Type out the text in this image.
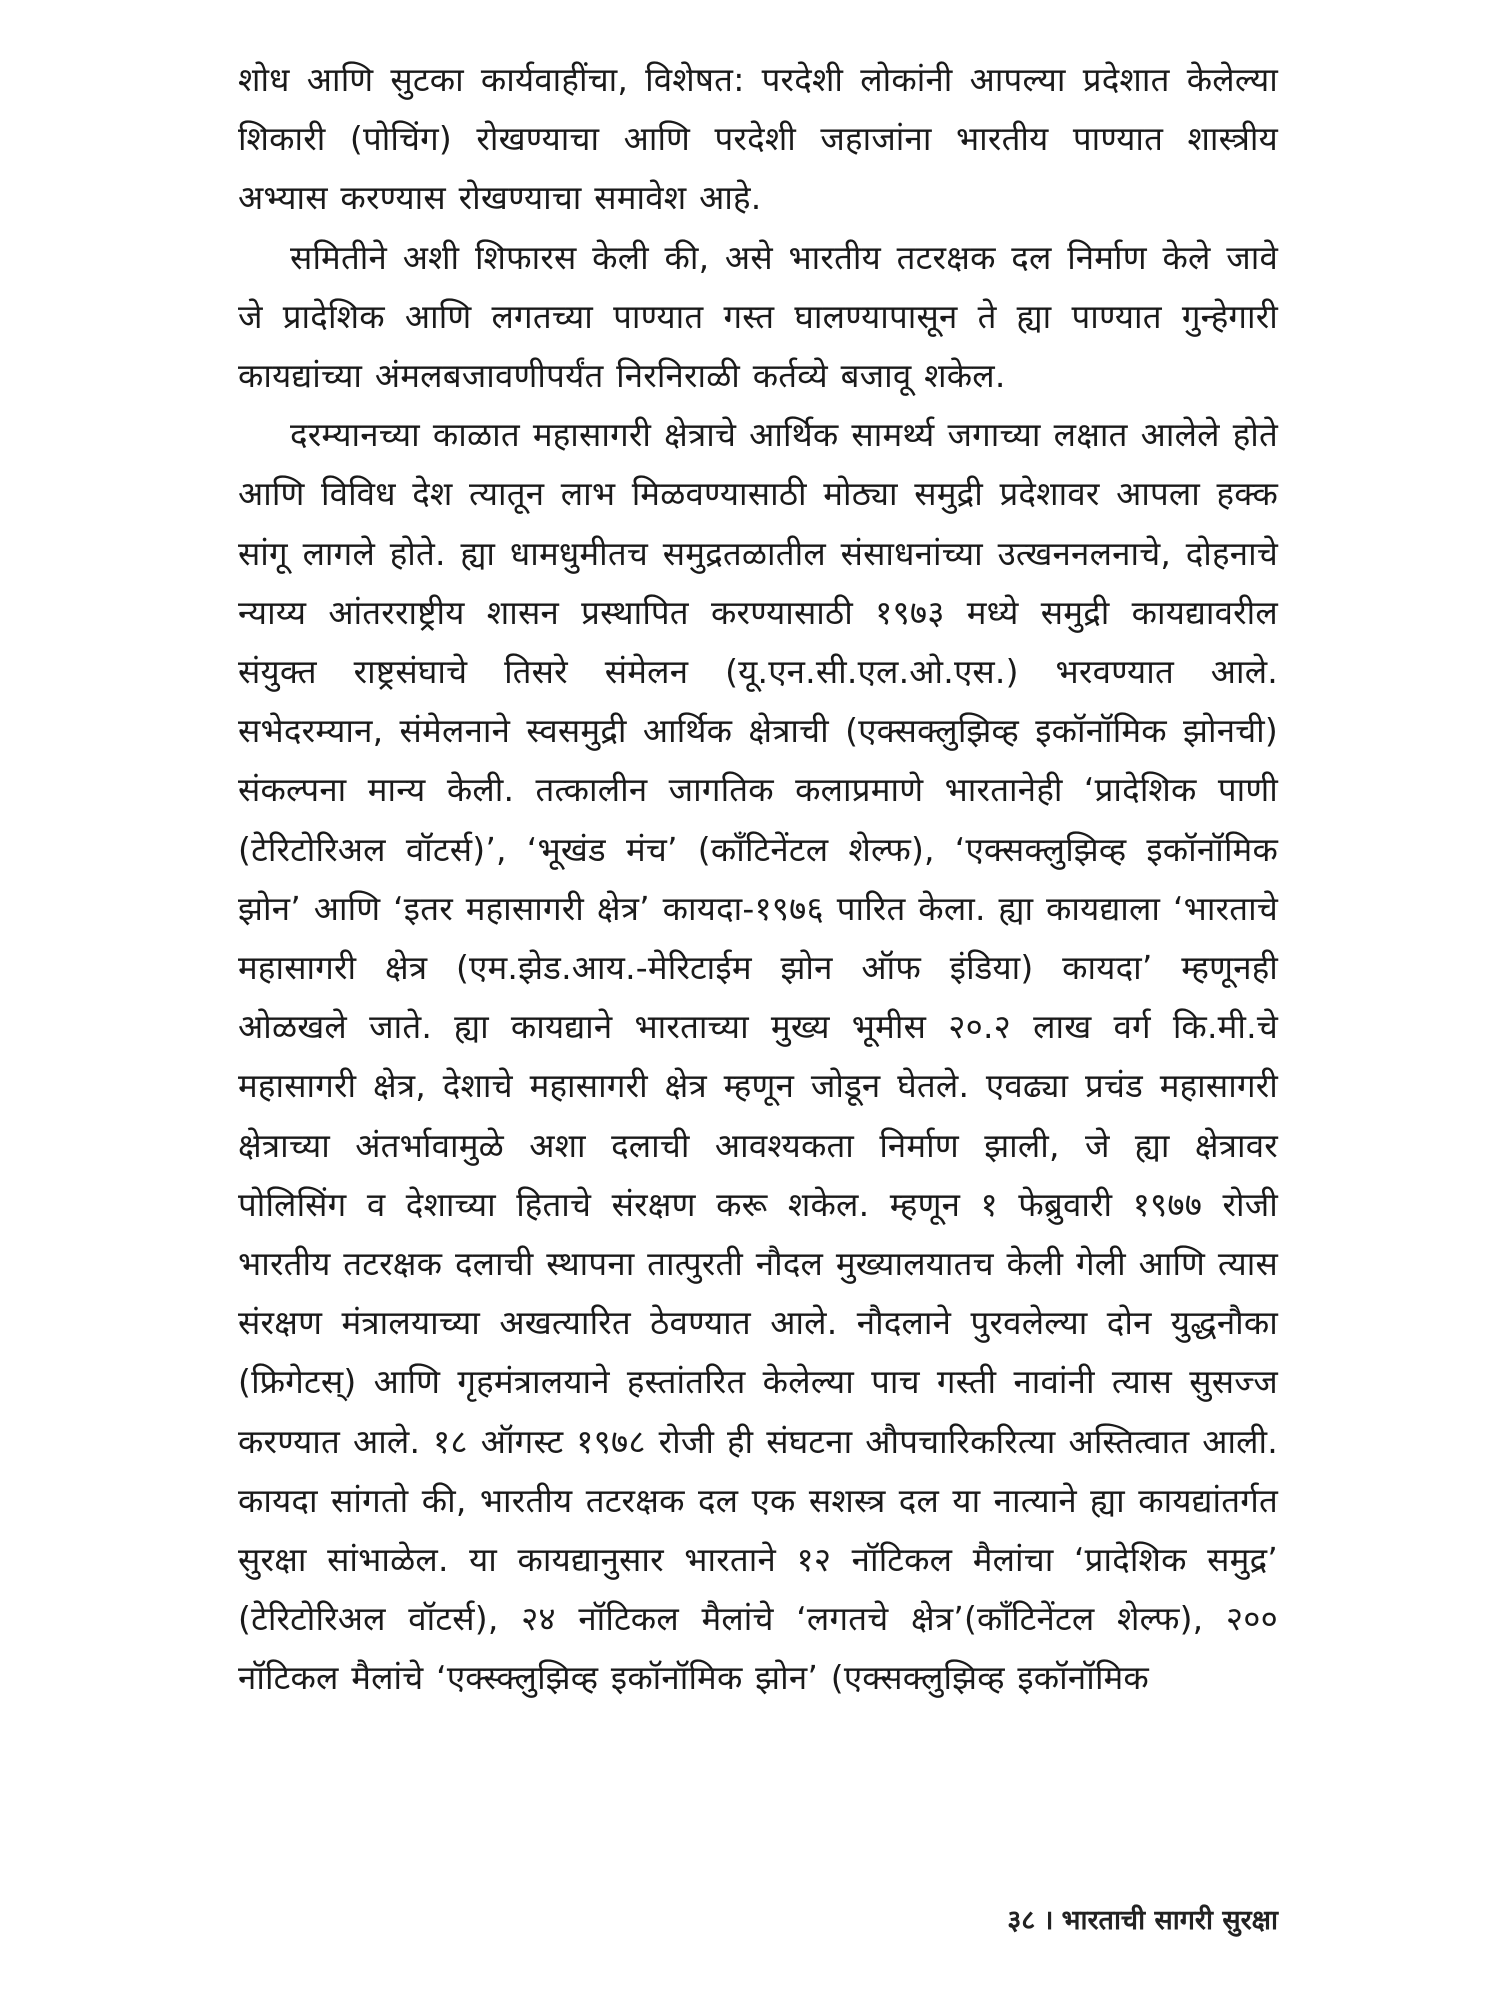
शोध आणि सुटका कार्यवाहींचा, विशेषत: परदेशी लोकांनी आपल्या प्रदेशात केलेल्या शिकारी (पोचिंग) रोखण्याचा आणि परदेशी जहाजांना भारतीय पाण्यात शास्त्रीय अभ्यास करण्यास रोखण्याचा समावेश आहे.

समितीने अशी शिफारस केली की, असे भारतीय तटरक्षक दल निर्माण केले जावे जे प्रादेशिक आणि लगतच्या पाण्यात गस्त घालण्यापासून ते ह्या पाण्यात गुन्हेगारी कायद्यांच्या अंमलबजावणीपर्यंत निरनिराळी कर्तव्ये बजावू शकेल.

दरम्यानच्या काळात महासागरी क्षेत्राचे आर्थिक सामर्थ्य जगाच्या लक्षात आलेले होते आणि विविध देश त्यातून लाभ मिळवण्यासाठी मोठ्या समुद्री प्रदेशावर आपला हक्क सांगू लागले होते. ह्या धामधुमीतच समुद्रतळातील संसाधनांच्या उत्खननलनाचे, दोहनाचे न्याय्य आंतरराष्ट्रीय शासन प्रस्थापित करण्यासाठी १९७३ मध्ये समुद्री कायद्यावरील संयुक्त राष्ट्रसंघाचे तिसरे संमेलन (यू.एन.सी.एल.ओ.एस.) भरवण्यात आले. सभेदरम्यान, संमेलनाने स्वसमुद्री आर्थिक क्षेत्राची (एक्सक्लुझिव्ह इकॉनॉमिक झोनची) संकल्पना मान्य केली. तत्कालीन जागतिक कलाप्रमाणे भारतानेही ‘प्रादेशिक पाणी (टेरिटोरिअल वॉटर्स)’, ‘भूखंड मंच’ (कॉंटिनेंटल शेल्फ), ‘एक्सक्लुझिव्ह इकॉनॉमिक झोन’ आणि ‘इतर महासागरी क्षेत्र’ कायदा-१९७६ पारित केला. ह्या कायद्याला ‘भारताचे महासागरी क्षेत्र (एम.झेड.आय.-मेरिटाईम झोन ऑफ इंडिया) कायदा’ म्हणूनही ओळखले जाते. ह्या कायद्याने भारताच्या मुख्य भूमीस २०.२ लाख वर्ग कि.मी.चे महासागरी क्षेत्र, देशाचे महासागरी क्षेत्र म्हणून जोडून घेतले. एवढ्या प्रचंड महासागरी क्षेत्राच्या अंतर्भावामुळे अशा दलाची आवश्यकता निर्माण झाली, जे ह्या क्षेत्रावर पोलिसिंग व देशाच्या हिताचे संरक्षण करू शकेल. म्हणून १ फेब्रुवारी १९७७ रोजी भारतीय तटरक्षक दलाची स्थापना तात्पुरती नौदल मुख्यालयातच केली गेली आणि त्यास संरक्षण मंत्रालयाच्या अखत्यारित ठेवण्यात आले. नौदलाने पुरवलेल्या दोन युद्धनौका (फ्रिगेटस्) आणि गृहमंत्रालयाने हस्तांतरित केलेल्या पाच गस्ती नावांनी त्यास सुसज्ज करण्यात आले. १८ ऑगस्ट १९७८ रोजी ही संघटना औपचारिकरित्या अस्तित्वात आली. कायदा सांगतो की, भारतीय तटरक्षक दल एक सशस्त्र दल या नात्याने ह्या कायद्यांतर्गत सुरक्षा सांभाळेल. या कायद्यानुसार भारताने १२ नॉटिकल मैलांचा ‘प्रादेशिक समुद्र’ (टेरिटोरिअल वॉटर्स), २४ नॉटिकल मैलांचे ‘लगतचे क्षेत्र’(कॉंटिनेंटल शेल्फ), २०० नॉटिकल मैलांचे ‘एक्स्क्लुझिव्ह इकॉनॉमिक झोन’ (एक्सक्लुझिव्ह इकॉनॉमिक

३८ । भारताची सागरी सुरक्षा
